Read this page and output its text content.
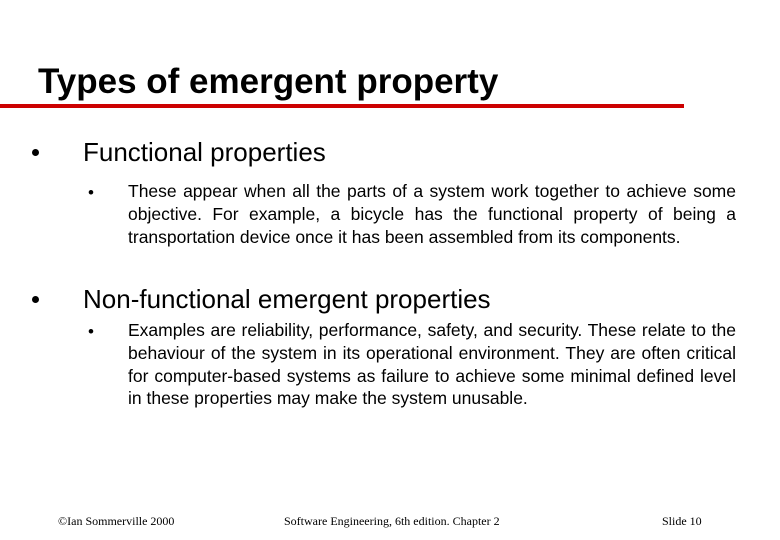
Types of emergent property

Functional properties

• These appear when all the parts of a system work together to achieve some objective. For example, a bicycle has the functional property of being a transportation device once it has been assembled from its components.

Non-functional emergent properties

• Examples are reliability, performance, safety, and security. These relate to the behaviour of the system in its operational environment. They are often critical for computer-based systems as failure to achieve some minimal defined level in these properties may make the system unusable.

©Ian Sommerville 2000	Software Engineering, 6th edition. Chapter 2	Slide 10
